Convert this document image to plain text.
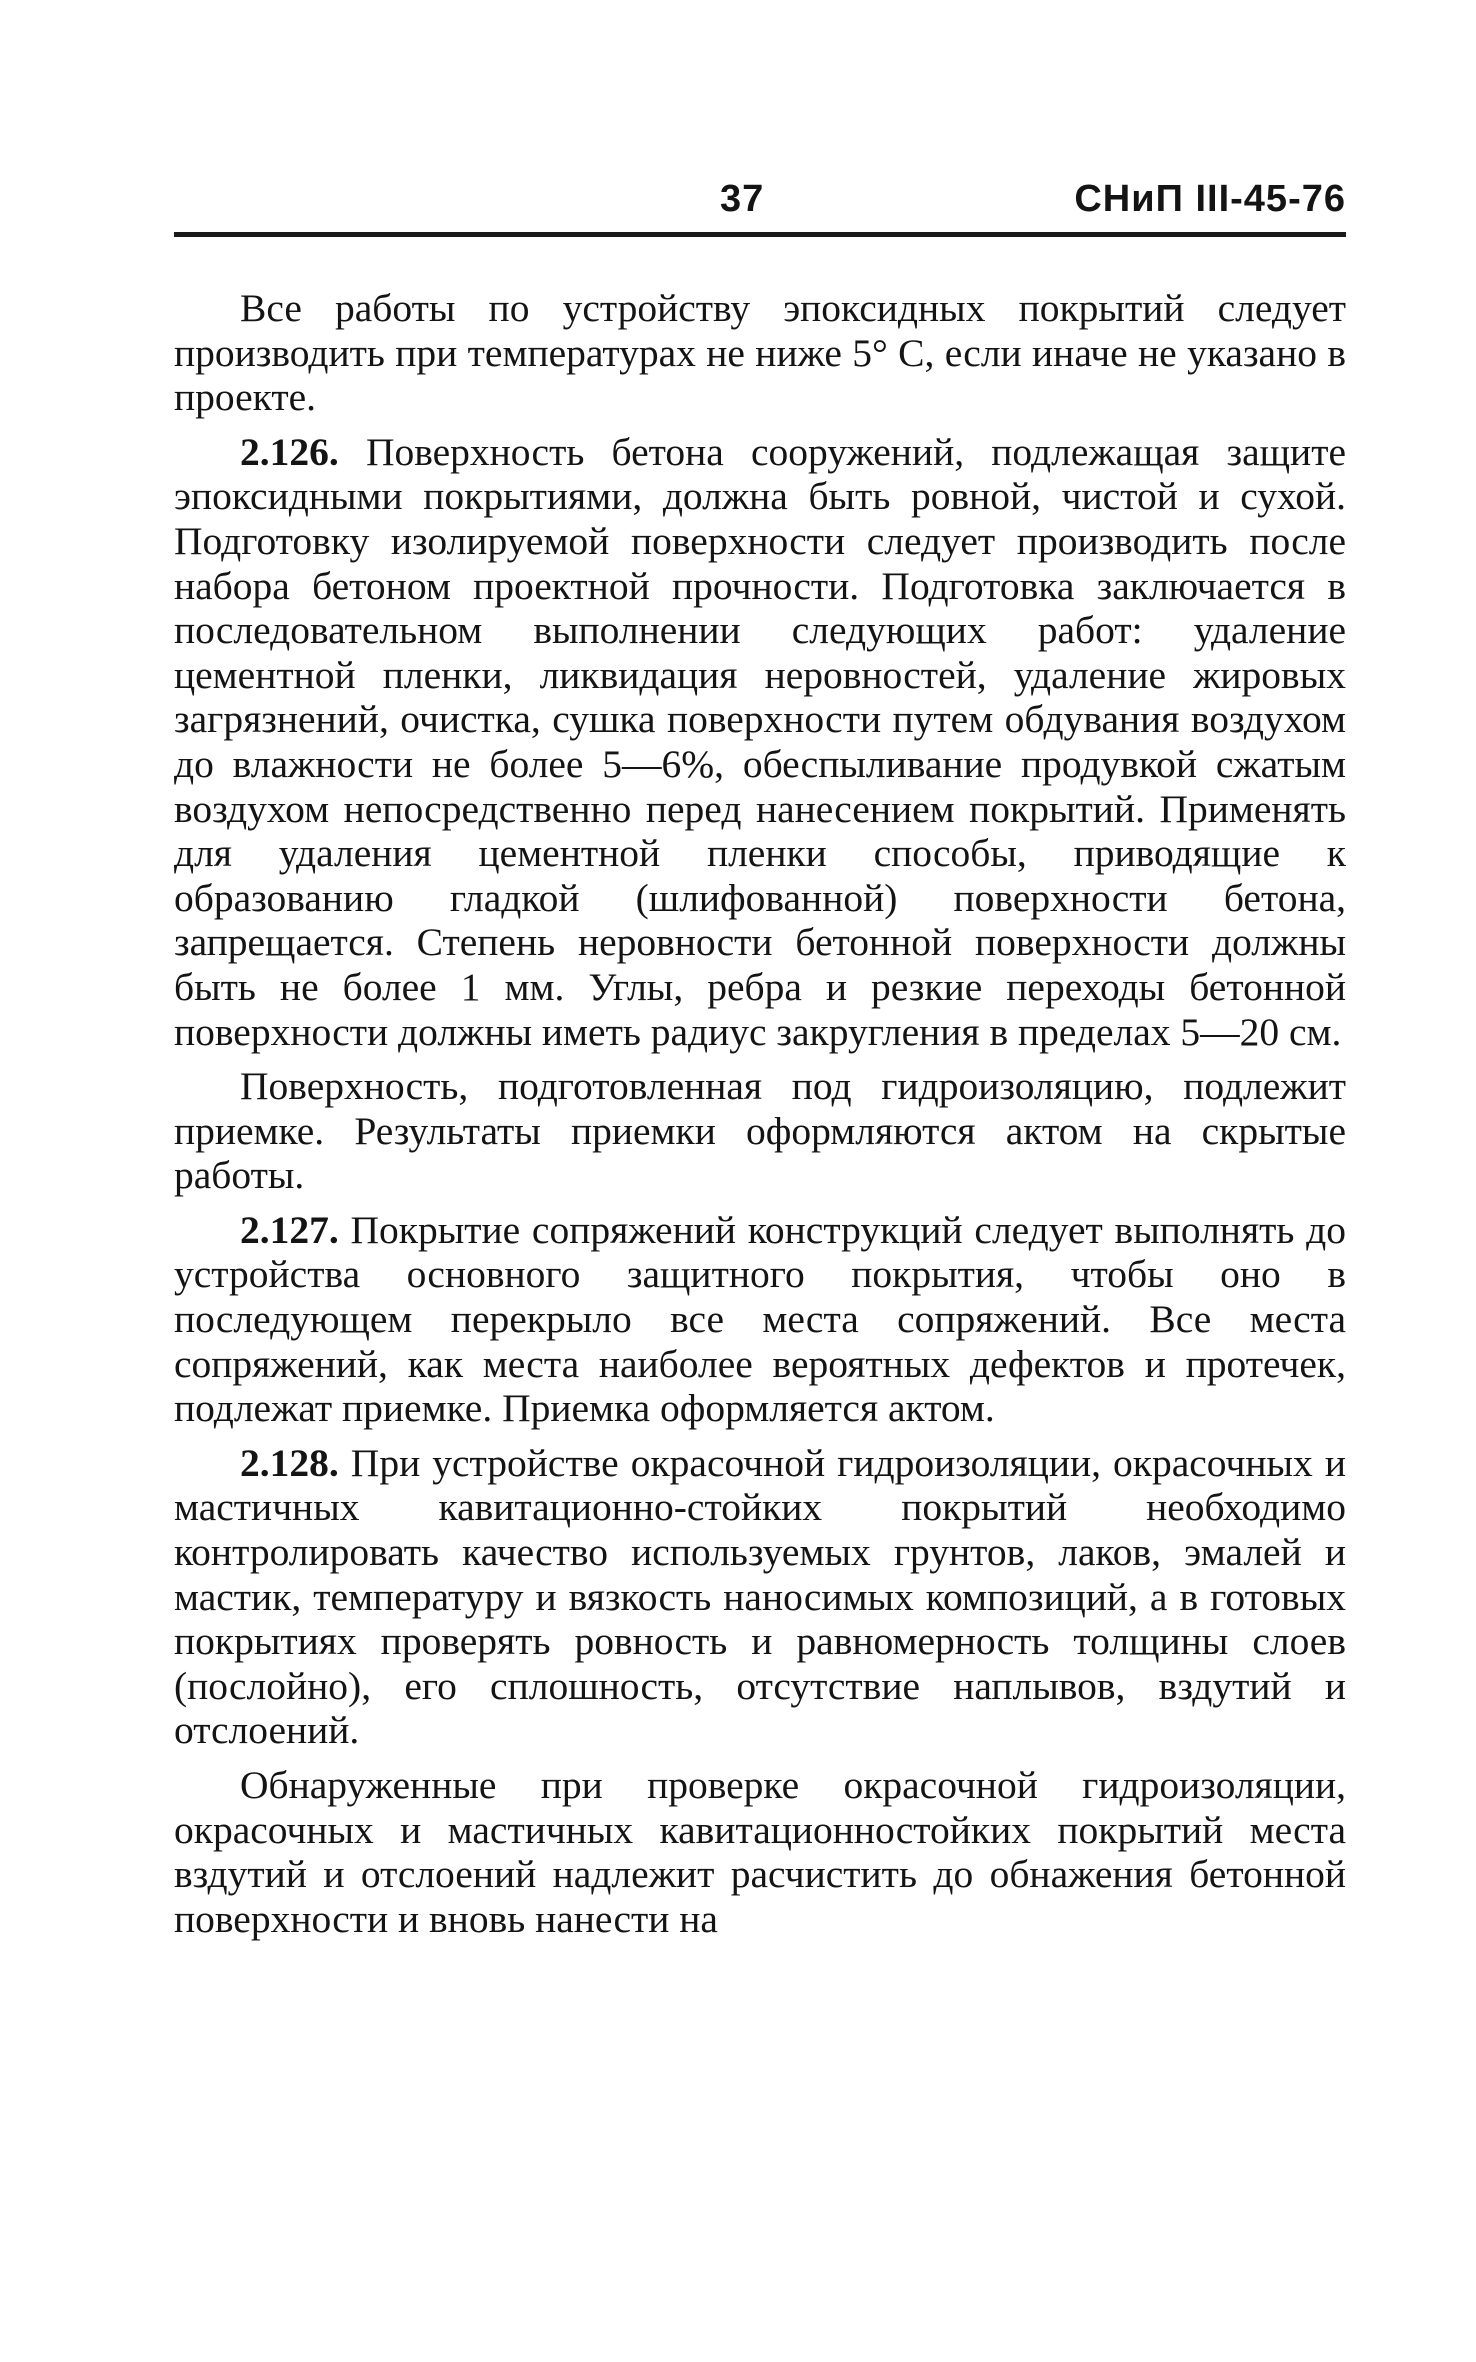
37	СНиП III-45-76

Все работы по устройству эпоксидных покрытий следует производить при температурах не ниже 5° С, если иначе не указано в проекте.

2.126. Поверхность бетона сооружений, подлежащая защите эпоксидными покрытиями, должна быть ровной, чистой и сухой. Подготовку изолируемой поверхности следует производить после набора бетоном проектной прочности. Подготовка заключается в последовательном выполнении следующих работ: удаление цементной пленки, ликвидация неровностей, удаление жировых загрязнений, очистка, сушка поверхности путем обдувания воздухом до влажности не более 5—6%, обеспыливание продувкой сжатым воздухом непосредственно перед нанесением покрытий. Применять для удаления цементной пленки способы, приводящие к образованию гладкой (шлифованной) поверхности бетона, запрещается. Степень неровности бетонной поверхности должны быть не более 1 мм. Углы, ребра и резкие переходы бетонной поверхности должны иметь радиус закругления в пределах 5—20 см.

Поверхность, подготовленная под гидроизоляцию, подлежит приемке. Результаты приемки оформляются актом на скрытые работы.

2.127. Покрытие сопряжений конструкций следует выполнять до устройства основного защитного покрытия, чтобы оно в последующем перекрыло все места сопряжений. Все места сопряжений, как места наиболее вероятных дефектов и протечек, подлежат приемке. Приемка оформляется актом.

2.128. При устройстве окрасочной гидроизоляции, окрасочных и мастичных кавитационно-стойких покрытий необходимо контролировать качество используемых грунтов, лаков, эмалей и мастик, температуру и вязкость наносимых композиций, а в готовых покрытиях проверять ровность и равномерность толщины слоев (послойно), его сплошность, отсутствие наплывов, вздутий и отслоений.

Обнаруженные при проверке окрасочной гидроизоляции, окрасочных и мастичных кавитационностойких покрытий места вздутий и отслоений надлежит расчистить до обнажения бетонной поверхности и вновь нанести на
